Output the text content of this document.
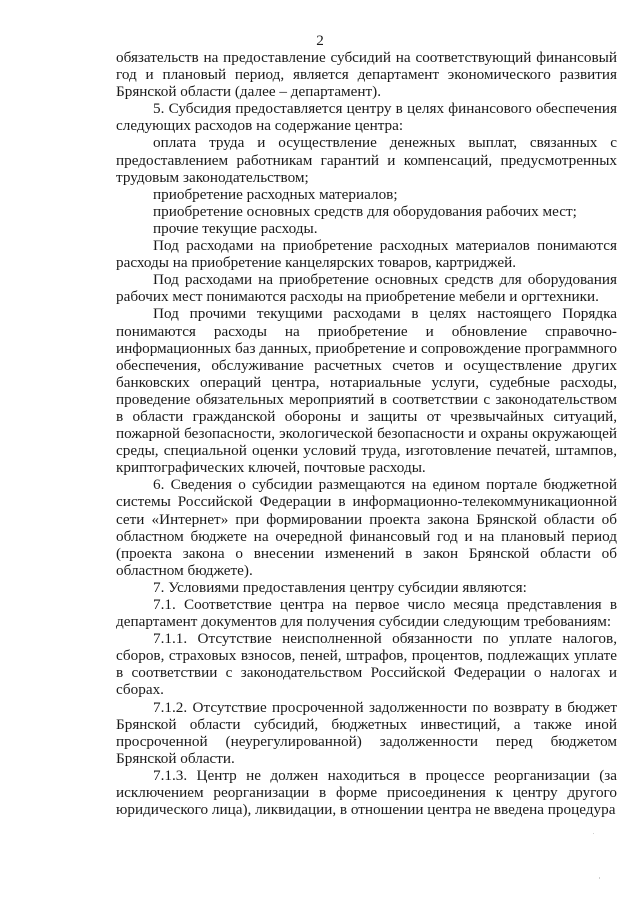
2

обязательств на предоставление субсидий на соответствующий финансовый год и плановый период, является департамент экономического развития Брянской области (далее – департамент).

5. Субсидия предоставляется центру в целях финансового обеспечения следующих расходов на содержание центра:

оплата труда и осуществление денежных выплат, связанных с предоставлением работникам гарантий и компенсаций, предусмотренных трудовым законодательством;

приобретение расходных материалов;

приобретение основных средств для оборудования рабочих мест;

прочие текущие расходы.

Под расходами на приобретение расходных материалов понимаются расходы на приобретение канцелярских товаров, картриджей.

Под расходами на приобретение основных средств для оборудования рабочих мест понимаются расходы на приобретение мебели и оргтехники.

Под прочими текущими расходами в целях настоящего Порядка понимаются расходы на приобретение и обновление справочно-информационных баз данных, приобретение и сопровождение программного обеспечения, обслуживание расчетных счетов и осуществление других банковских операций центра, нотариальные услуги, судебные расходы, проведение обязательных мероприятий в соответствии с законодательством в области гражданской обороны и защиты от чрезвычайных ситуаций, пожарной безопасности, экологической безопасности и охраны окружающей среды, специальной оценки условий труда, изготовление печатей, штампов, криптографических ключей, почтовые расходы.

6. Сведения о субсидии размещаются на едином портале бюджетной системы Российской Федерации в информационно-телекоммуникационной сети «Интернет» при формировании проекта закона Брянской области об областном бюджете на очередной финансовый год и на плановый период (проекта закона о внесении изменений в закон Брянской области об областном бюджете).

7. Условиями предоставления центру субсидии являются:

7.1. Соответствие центра на первое число месяца представления в департамент документов для получения субсидии следующим требованиям:

7.1.1. Отсутствие неисполненной обязанности по уплате налогов, сборов, страховых взносов, пеней, штрафов, процентов, подлежащих уплате в соответствии с законодательством Российской Федерации о налогах и сборах.

7.1.2. Отсутствие просроченной задолженности по возврату в бюджет Брянской области субсидий, бюджетных инвестиций, а также иной просроченной (неурегулированной) задолженности перед бюджетом Брянской области.

7.1.3. Центр не должен находиться в процессе реорганизации (за исключением реорганизации в форме присоединения к центру другого юридического лица), ликвидации, в отношении центра не введена процедура
